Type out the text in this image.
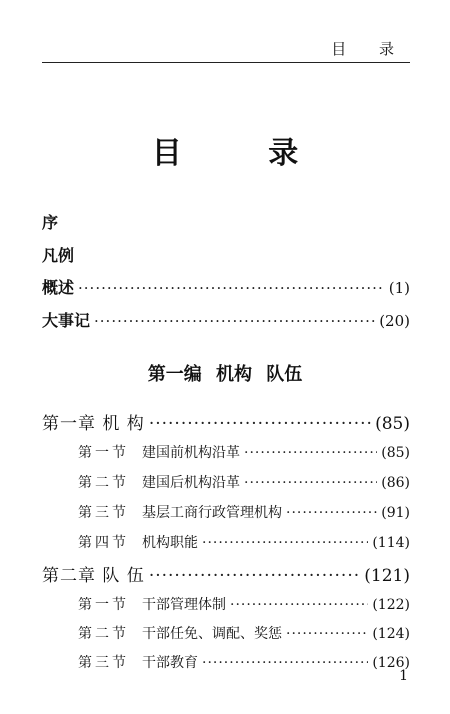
目 录
目 录
序
凡例
概述 ·····	(1)
大事记 ·····	(20)
第一编 机构 队伍
第一章 机 构 ·····	(85)
第一节 建国前机构沿革 ·····	(85)
第二节 建国后机构沿革 ·····	(86)
第三节 基层工商行政管理机构 ·····	(91)
第四节 机构职能 ·····	(114)
第二章 队 伍 ·····	(121)
第一节 干部管理体制 ·····	(122)
第二节 干部任免、调配、奖惩 ·····	(124)
第三节 干部教育 ·····	(126)
1
